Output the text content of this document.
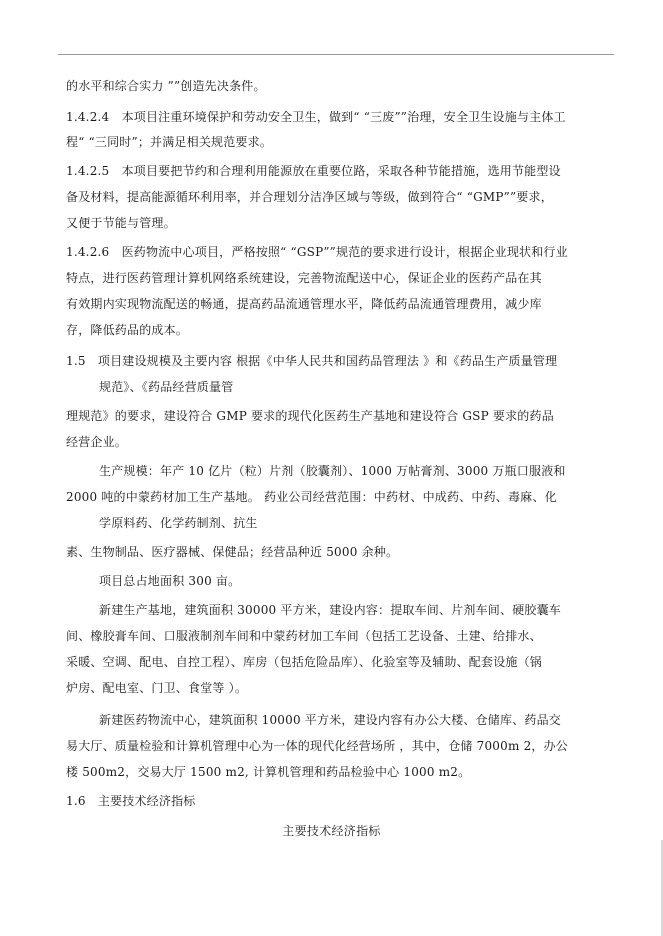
的水平和综合实力 ””创造先决条件。
1.4.2.4　本项目注重环境保护和劳动安全卫生，做到“ “三废””治理，安全卫生设施与主体工
程“ “三同时”；并满足相关规范要求。
1.4.2.5　本项目要把节约和合理利用能源放在重要位路，采取各种节能措施，选用节能型设
备及材料，提高能源循环利用率，并合理划分洁净区域与等级，做到符合“ “GMP””要求，
又便于节能与管理。
1.4.2.6　医药物流中心项目，严格按照“ “GSP””规范的要求进行设计，根据企业现状和行业
特点，进行医药管理计算机网络系统建设，完善物流配送中心，保证企业的医药产品在其
有效期内实现物流配送的畅通，提高药品流通管理水平，降低药品流通管理费用，减少库
存，降低药品的成本。
1.5　项目建设规模及主要内容 根据《中华人民共和国药品管理法 》和《药品生产质量管理
规范》、《药品经营质量管
理规范》的要求，建设符合 GMP 要求的现代化医药生产基地和建设符合 GSP 要求的药品
经营企业。
生产规模：年产 10 亿片（粒）片剂（胶囊剂）、1000 万帖膏剂、3000 万瓶口服液和
2000 吨的中蒙药材加工生产基地。 药业公司经营范围：中药材、中成药、中药、毒麻、化
学原料药、化学药制剂、抗生
素、生物制品、医疗器械、保健品；经营品种近 5000 余种。
项目总占地面积 300 亩。
新建生产基地，建筑面积 30000 平方米，建设内容：提取车间、片剂车间、硬胶囊车
间、橡胶膏车间、口服液制剂车间和中蒙药材加工车间（包括工艺设备、土建、给排水、
采暖、空调、配电、自控工程）、库房（包括危险品库）、化验室等及辅助、配套设施（锅
炉房、配电室、门卫、食堂等 ）。
新建医药物流中心，建筑面积 10000 平方米，建设内容有办公大楼、仓储库、药品交
易大厅、质量检验和计算机管理中心为一体的现代化经营场所 ，其中，仓储 7000m 2，办公
楼 500m2，交易大厅 1500 m2, 计算机管理和药品检验中心 1000 m2。
1.6　主要技术经济指标
主要技术经济指标
